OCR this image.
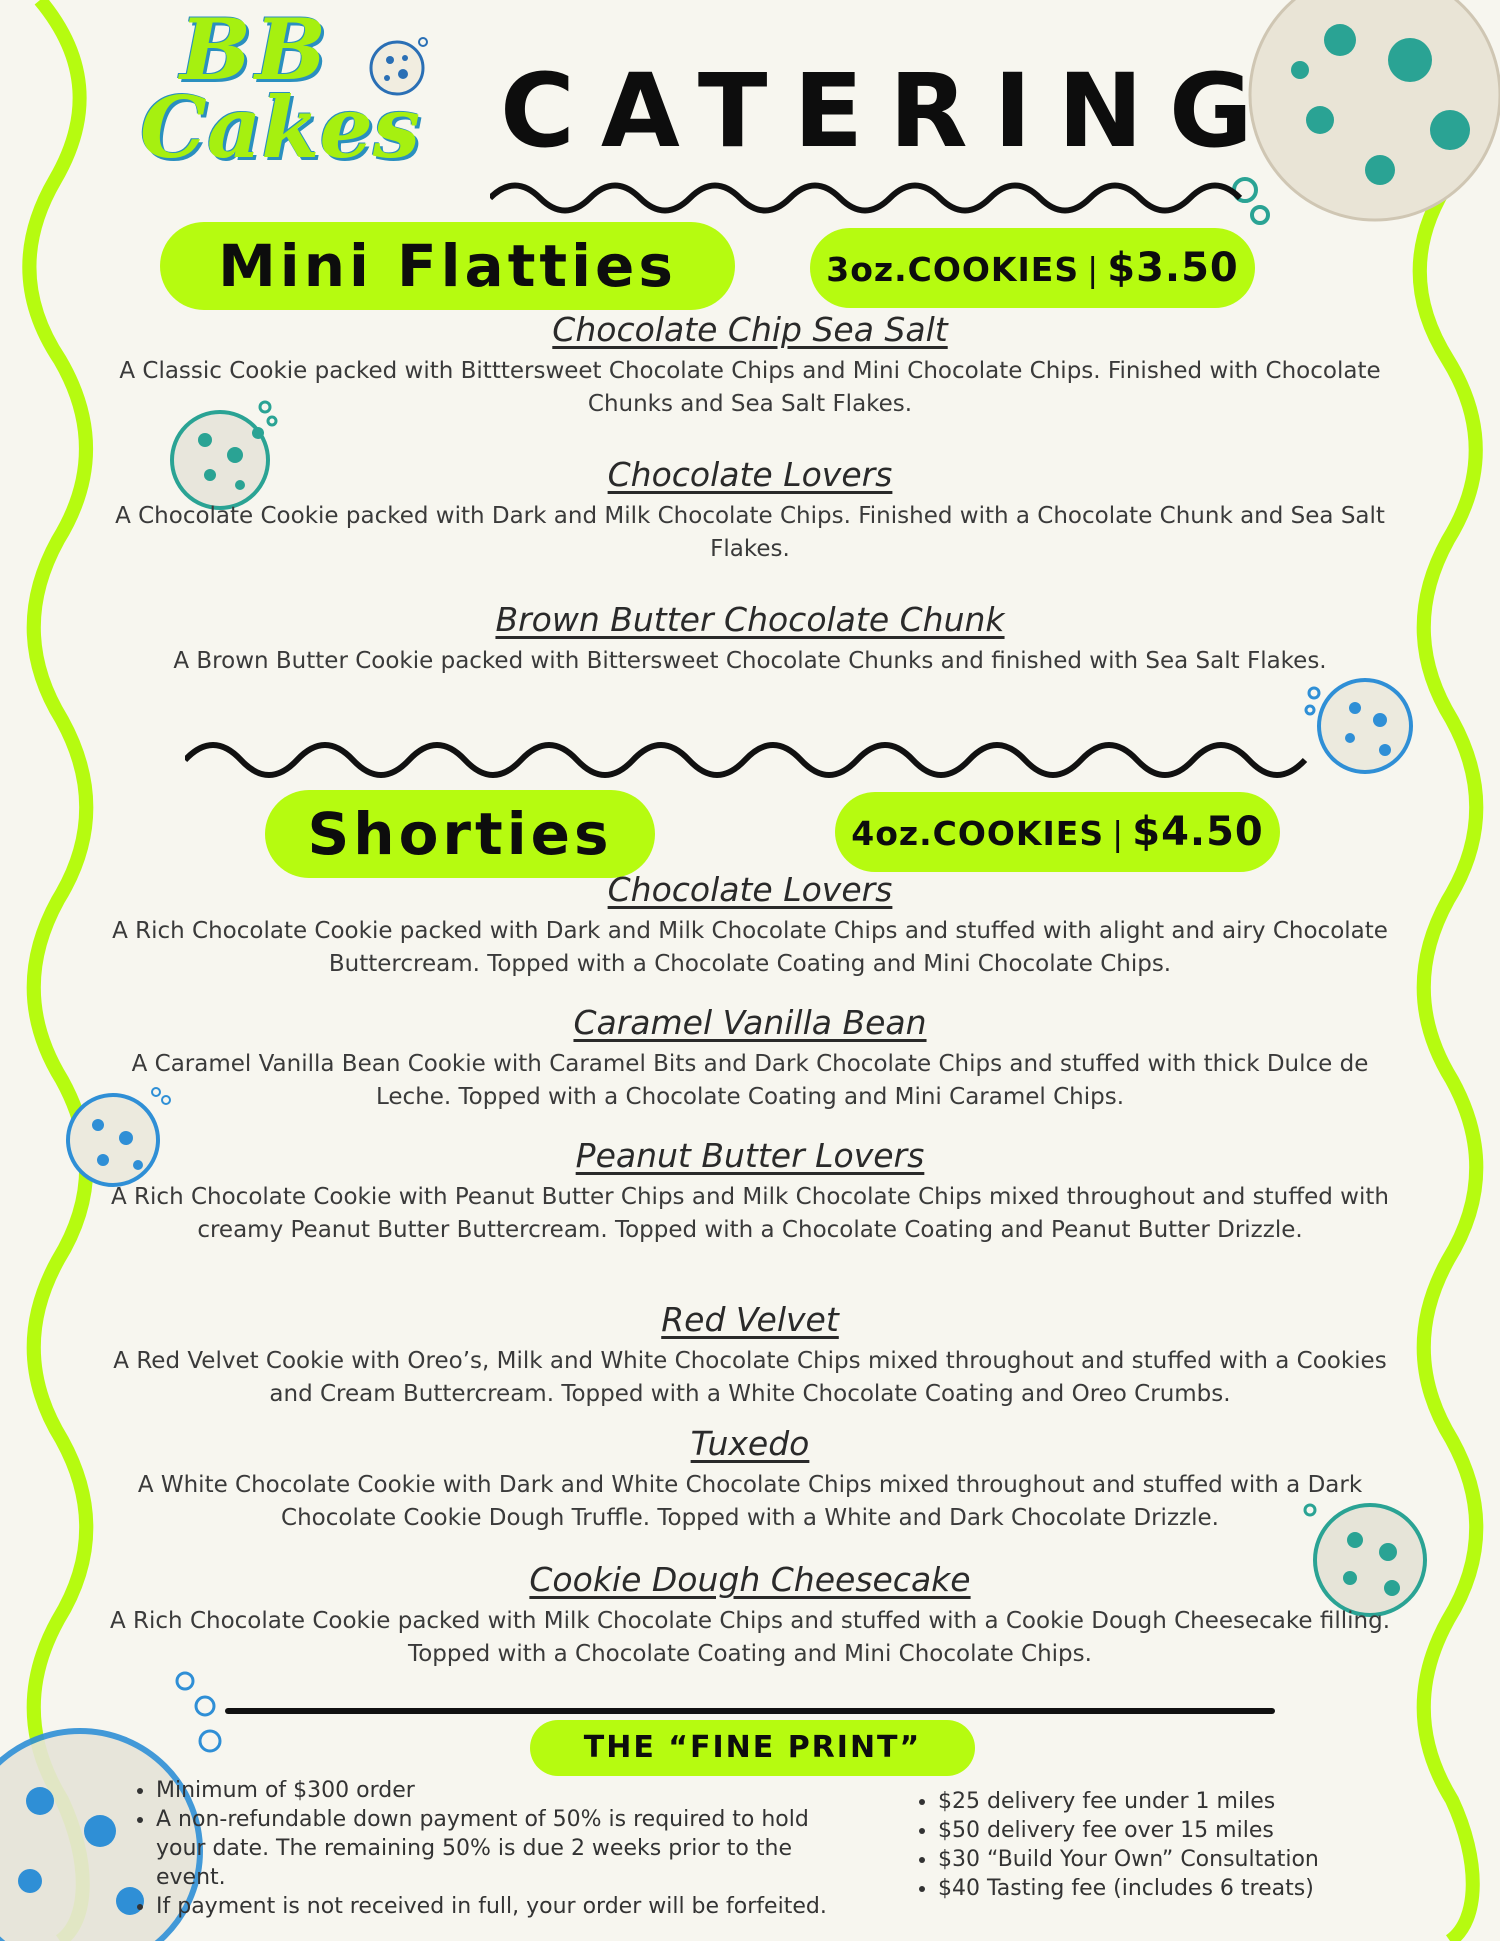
BB
Cakes CATERING
Mini Flatties	3oz.COOKIES | $3.50
Chocolate Chip Sea Salt
A Classic Cookie packed with Bitttersweet Chocolate Chips and Mini Chocolate Chips. Finished with Chocolate Chunks and Sea Salt Flakes.
Chocolate Lovers
A Chocolate Cookie packed with Dark and Milk Chocolate Chips. Finished with a Chocolate Chunk and Sea Salt Flakes.
Brown Butter Chocolate Chunk
A Brown Butter Cookie packed with Bittersweet Chocolate Chunks and finished with Sea Salt Flakes.
Shorties	4oz.COOKIES | $4.50
Chocolate Lovers
A Rich Chocolate Cookie packed with Dark and Milk Chocolate Chips and stuffed with alight and airy Chocolate Buttercream. Topped with a Chocolate Coating and Mini Chocolate Chips.
Caramel Vanilla Bean
A Caramel Vanilla Bean Cookie with Caramel Bits and Dark Chocolate Chips and stuffed with thick Dulce de Leche. Topped with a Chocolate Coating and Mini Caramel Chips.
Peanut Butter Lovers
A Rich Chocolate Cookie with Peanut Butter Chips and Milk Chocolate Chips mixed throughout and stuffed with creamy Peanut Butter Buttercream. Topped with a Chocolate Coating and Peanut Butter Drizzle.
Red Velvet
A Red Velvet Cookie with Oreo’s, Milk and White Chocolate Chips mixed throughout and stuffed with a Cookies and Cream Buttercream. Topped with a White Chocolate Coating and Oreo Crumbs.
Tuxedo
A White Chocolate Cookie with Dark and White Chocolate Chips mixed throughout and stuffed with a Dark Chocolate Cookie Dough Truffle. Topped with a White and Dark Chocolate Drizzle.
Cookie Dough Cheesecake
A Rich Chocolate Cookie packed with Milk Chocolate Chips and stuffed with a Cookie Dough Cheesecake filling. Topped with a Chocolate Coating and Mini Chocolate Chips.
THE “FINE PRINT”
• Minimum of $300 order
• A non-refundable down payment of 50% is required to hold your date. The remaining 50% is due 2 weeks prior to the event.
• If payment is not received in full, your order will be forfeited.
• $25 delivery fee under 1 miles
• $50 delivery fee over 15 miles
• $30 “Build Your Own” Consultation
• $40 Tasting fee (includes 6 treats)
